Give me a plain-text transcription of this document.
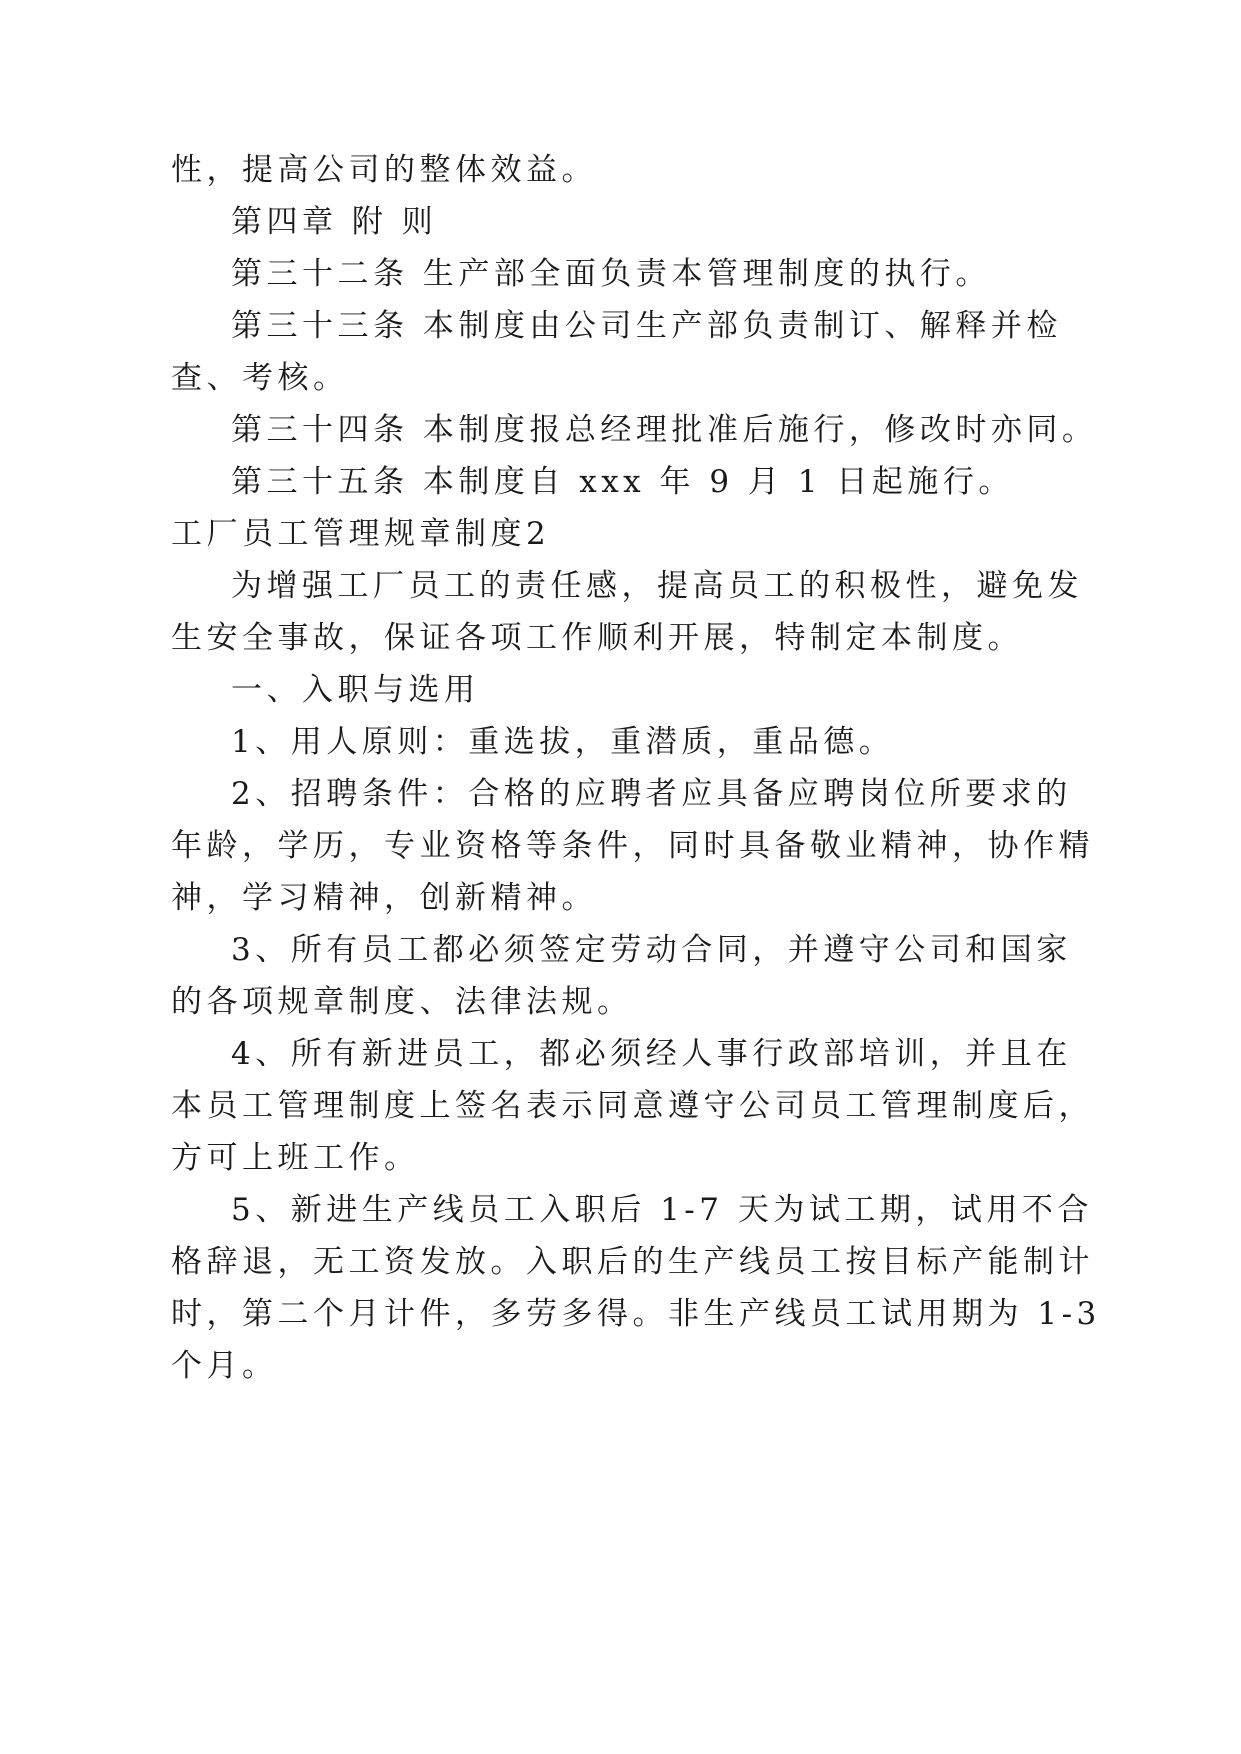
性，提高公司的整体效益。
第四章 附 则
第三十二条 生产部全面负责本管理制度的执行。
第三十三条 本制度由公司生产部负责制订、解释并检
查、考核。
第三十四条 本制度报总经理批准后施行，修改时亦同。
第三十五条 本制度自 xxx 年 9 月 1 日起施行。
工厂员工管理规章制度2
为增强工厂员工的责任感，提高员工的积极性，避免发
生安全事故，保证各项工作顺利开展，特制定本制度。
一、入职与选用
1、用人原则：重选拔，重潜质，重品德。
2、招聘条件：合格的应聘者应具备应聘岗位所要求的
年龄，学历，专业资格等条件，同时具备敬业精神，协作精
神，学习精神，创新精神。
3、所有员工都必须签定劳动合同，并遵守公司和国家
的各项规章制度、法律法规。
4、所有新进员工，都必须经人事行政部培训，并且在
本员工管理制度上签名表示同意遵守公司员工管理制度后，
方可上班工作。
5、新进生产线员工入职后 1-7 天为试工期，试用不合
格辞退，无工资发放。入职后的生产线员工按目标产能制计
时，第二个月计件，多劳多得。非生产线员工试用期为 1-3
个月。
